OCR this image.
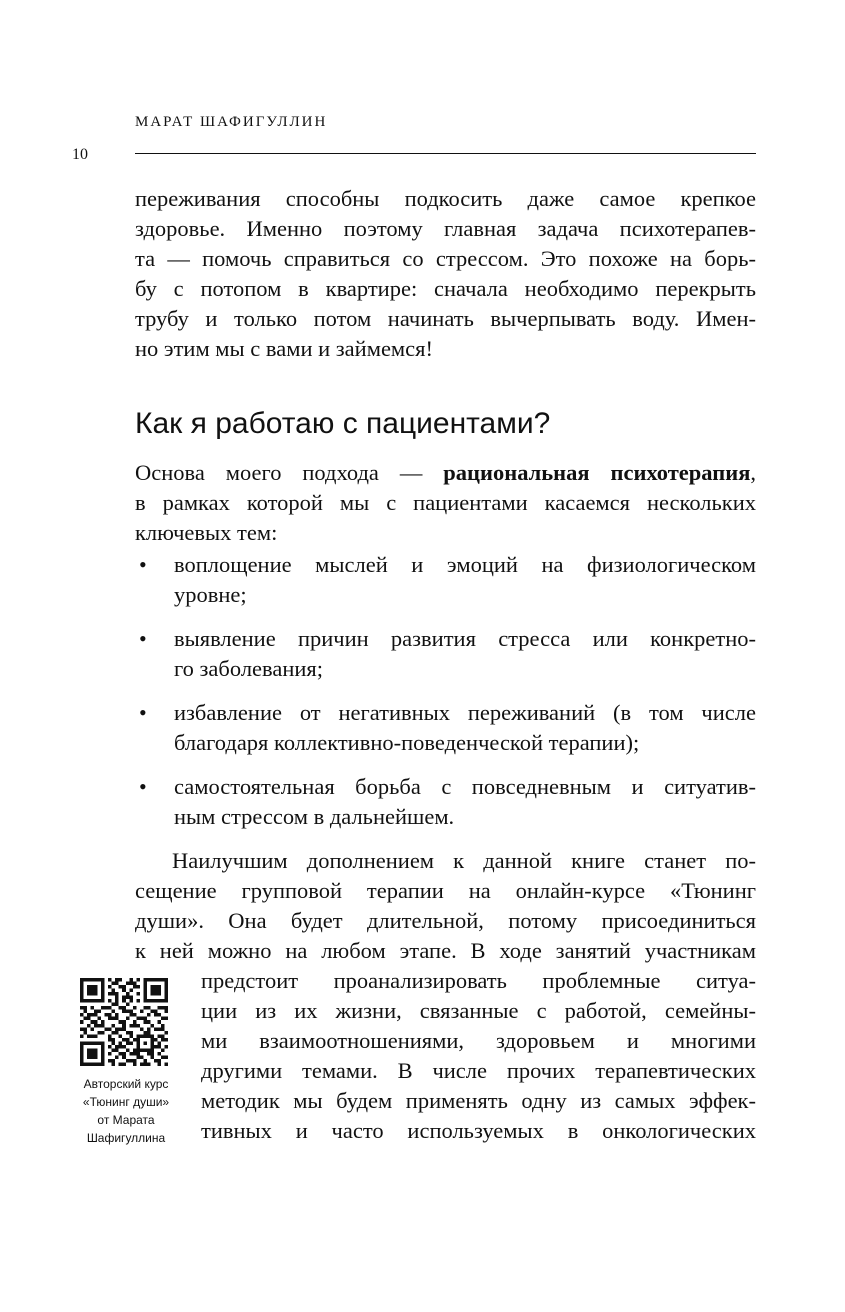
МАРАТ ШАФИГУЛЛИН
10
переживания способны подкосить даже самое крепкое
здоровье. Именно поэтому главная задача психотерапев-
та — помочь справиться со стрессом. Это похоже на борь-
бу с потопом в квартире: сначала необходимо перекрыть
трубу и только потом начинать вычерпывать воду. Имен-
но этим мы с вами и займемся!
Как я работаю с пациентами?
Основа моего подхода — рациональная психотерапия,
в рамках которой мы с пациентами касаемся нескольких
ключевых тем:
• воплощение мыслей и эмоций на физиологическом
уровне;
• выявление причин развития стресса или конкретно-
го заболевания;
• избавление от негативных переживаний (в том числе
благодаря коллективно-поведенческой терапии);
• самостоятельная борьба с повседневным и ситуатив-
ным стрессом в дальнейшем.
Наилучшим дополнением к данной книге станет по-
сещение групповой терапии на онлайн-курсе «Тюнинг
души». Она будет длительной, потому присоединиться
к ней можно на любом этапе. В ходе занятий участникам
предстоит проанализировать проблемные ситуа-
ции из их жизни, связанные с работой, семейны-
ми взаимоотношениями, здоровьем и многими
другими темами. В числе прочих терапевтических
методик мы будем применять одну из самых эффек-
тивных и часто используемых в онкологических
Авторский курс
«Тюнинг души»
от Марата
Шафигуллина
